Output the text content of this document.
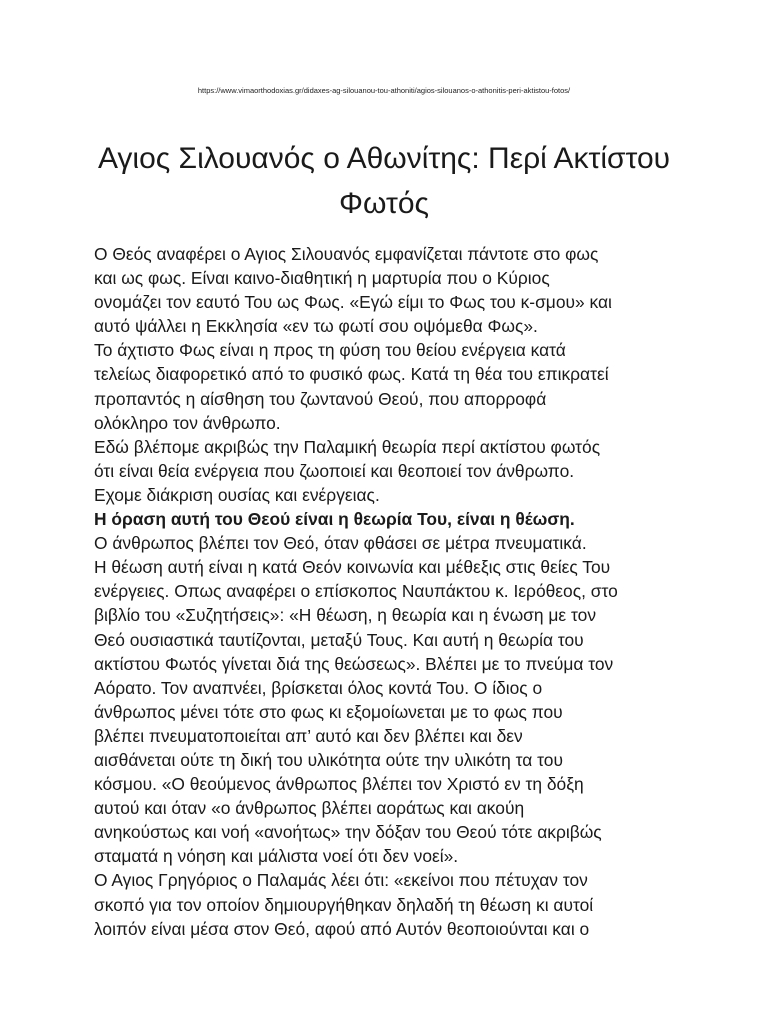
https://www.vimaorthodoxias.gr/didaxes-ag-silouanou-tou-athoniti/agios-silouanos-o-athonitis-peri-aktistou-fotos/
Αγιος Σιλουανός ο Αθωνίτης: Περί Ακτίστου Φωτός
Ο Θεός αναφέρει ο Αγιος Σιλουανός εμφανίζεται πάντοτε στο φως
και ως φως. Είναι καινο-διαθητική η μαρτυρία που ο Κύριος
ονομάζει τον εαυτό Του ως Φως. «Εγώ είμι το Φως του κ-σμου» και
αυτό ψάλλει η Εκκλησία «εν τω φωτί σου οψόμεθα Φως».
Το άχτιστο Φως είναι η προς τη φύση του θείου ενέργεια κατά
τελείως διαφορετικό από το φυσικό φως. Κατά τη θέα του επικρατεί
προπαντός η αίσθηση του ζωντανού Θεού, που απορροφά
ολόκληρο τον άνθρωπο.
Εδώ βλέπομε ακριβώς την Παλαμική θεωρία περί ακτίστου φωτός
ότι είναι θεία ενέργεια που ζωοποιεί και θεοποιεί τον άνθρωπο.
Εχομε διάκριση ουσίας και ενέργειας.
Η όραση αυτή του Θεού είναι η θεωρία Του, είναι η θέωση.
Ο άνθρωπος βλέπει τον Θεό, όταν φθάσει σε μέτρα πνευματικά.
Η θέωση αυτή είναι η κατά Θεόν κοινωνία και μέθεξις στις θείες Του
ενέργειες. Οπως αναφέρει ο επίσκοπος Ναυπάκτου κ. Ιερόθεος, στο
βιβλίο του «Συζητήσεις»: «Η θέωση, η θεωρία και η ένωση με τον
Θεό ουσιαστικά ταυτίζονται, μεταξύ Τους. Και αυτή η θεωρία του
ακτίστου Φωτός γίνεται διά της θεώσεως». Βλέπει με το πνεύμα τον
Αόρατο. Τον αναπνέει, βρίσκεται όλος κοντά Του. Ο ίδιος ο
άνθρωπος μένει τότε στο φως κι εξομοίωνεται με το φως που
βλέπει πνευματοποιείται απ’ αυτό και δεν βλέπει και δεν
αισθάνεται ούτε τη δική του υλικότητα ούτε την υλικότη τα του
κόσμου. «Ο θεούμενος άνθρωπος βλέπει τον Χριστό εν τη δόξη
αυτού και όταν «ο άνθρωπος βλέπει αοράτως και ακούη
ανηκούστως και νοή «ανοήτως» την δόξαν του Θεού τότε ακριβώς
σταματά η νόηση και μάλιστα νοεί ότι δεν νοεί».
Ο Αγιος Γρηγόριος ο Παλαμάς λέει ότι: «εκείνοι που πέτυχαν τον
σκοπό για τον οποίον δημιουργήθηκαν δηλαδή τη θέωση κι αυτοί
λοιπόν είναι μέσα στον Θεό, αφού από Αυτόν θεοποιούνται και ο
